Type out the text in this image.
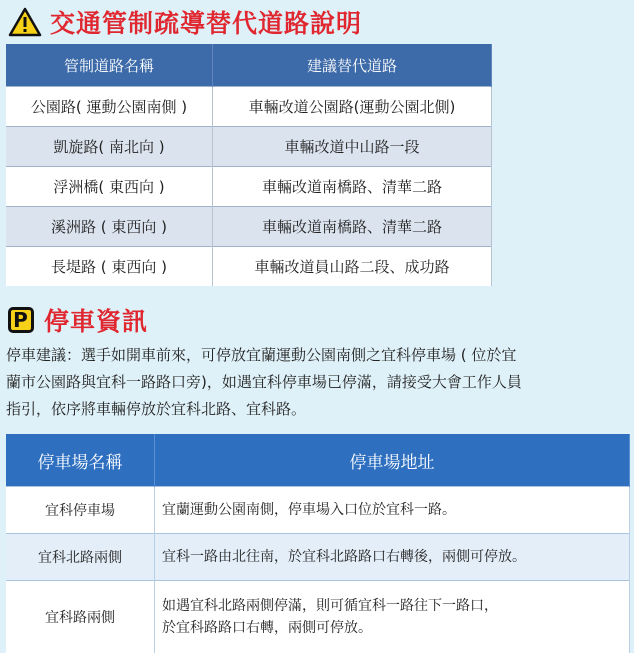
交通管制疏導替代道路說明
管制道路名稱	建議替代道路
公園路( 運動公園南側 )	車輛改道公園路(運動公園北側)
凱旋路( 南北向 )	車輛改道中山路一段
浮洲橋( 東西向 )	車輛改道南橋路、清華二路
溪洲路 ( 東西向 )	車輛改道南橋路、清華二路
長堤路 ( 東西向 )	車輛改道員山路二段、成功路
P 停車資訊

停車建議：選手如開車前來，可停放宜蘭運動公園南側之宜科停車場 ( 位於宜
蘭市公園路與宜科一路路口旁)，如遇宜科停車場已停滿，請接受大會工作人員
指引，依序將車輛停放於宜科北路、宜科路。

停車場名稱	停車場地址
宜科停車場	宜蘭運動公園南側，停車場入口位於宜科一路。

宜科北路兩側	宜科一路由北往南，於宜科北路路口右轉後，兩側可停放。

宜科路兩側	如遇宜科北路兩側停滿，則可循宜科一路往下一路口，
於宜科路路口右轉，兩側可停放。
